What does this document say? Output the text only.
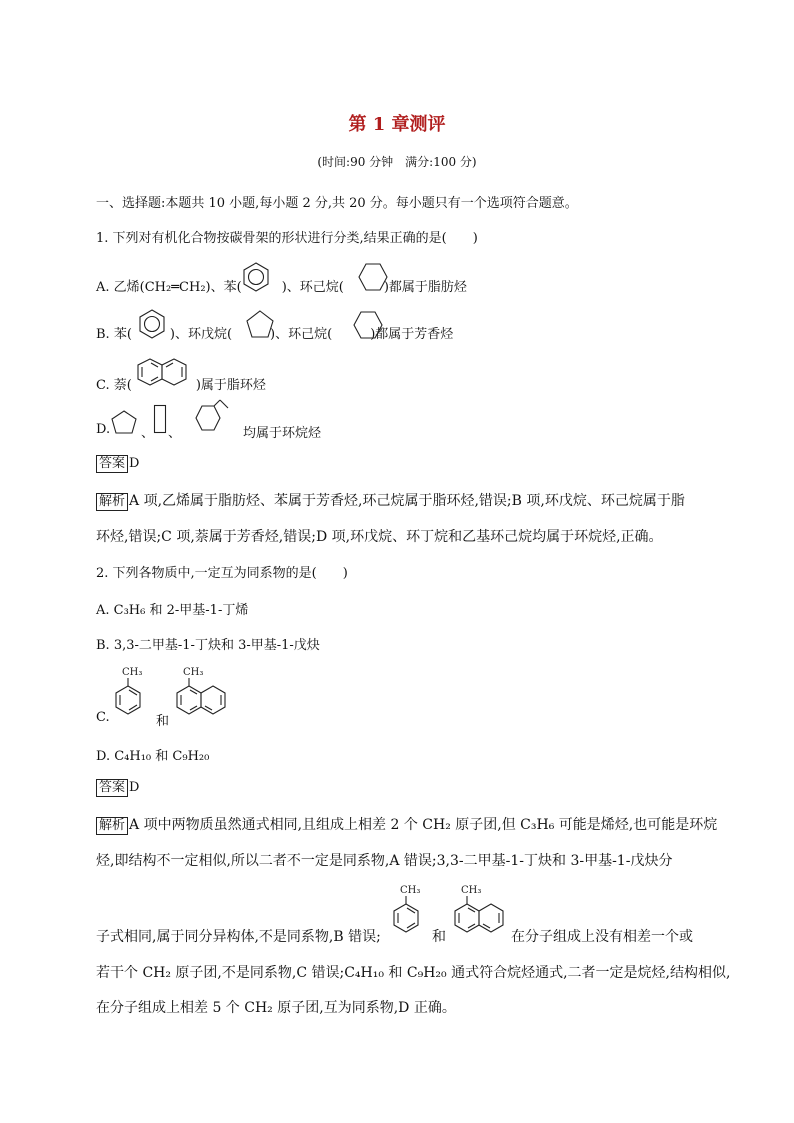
第 1 章测评
(时间:90 分钟　满分:100 分)
一、选择题:本题共 10 小题,每小题 2 分,共 20 分。每小题只有一个选项符合题意。
1. 下列对有机化合物按碳骨架的形状进行分类,结果正确的是(　　)
A. 乙烯(CH₂═CH₂)、苯(	)、环己烷(	)都属于脂肪烃
B. 苯(	)、环戊烷(	)、环己烷(	)都属于芳香烃
C. 萘(	)属于脂环烃
D. 、 、	均属于环烷烃
答案 D
解析 A 项,乙烯属于脂肪烃、苯属于芳香烃,环己烷属于脂环烃,错误;B 项,环戊烷、环己烷属于脂
环烃,错误;C 项,萘属于芳香烃,错误;D 项,环戊烷、环丁烷和乙基环己烷均属于环烷烃,正确。
2. 下列各物质中,一定互为同系物的是(　　)
A. C₃H₆ 和 2-甲基-1-丁烯
B. 3,3-二甲基-1-丁炔和 3-甲基-1-戊炔
C.
CH₃
和
CH₃
D. C₄H₁₀ 和 C₉H₂₀
答案 D
解析 A 项中两物质虽然通式相同,且组成上相差 2 个 CH₂ 原子团,但 C₃H₆ 可能是烯烃,也可能是环烷
烃,即结构不一定相似,所以二者不一定是同系物,A 错误;3,3-二甲基-1-丁炔和 3-甲基-1-戊炔分
子式相同,属于同分异构体,不是同系物,B 错误;
CH₃
和
CH₃
在分子组成上没有相差一个或
若干个 CH₂ 原子团,不是同系物,C 错误;C₄H₁₀ 和 C₉H₂₀ 通式符合烷烃通式,二者一定是烷烃,结构相似,
在分子组成上相差 5 个 CH₂ 原子团,互为同系物,D 正确。
